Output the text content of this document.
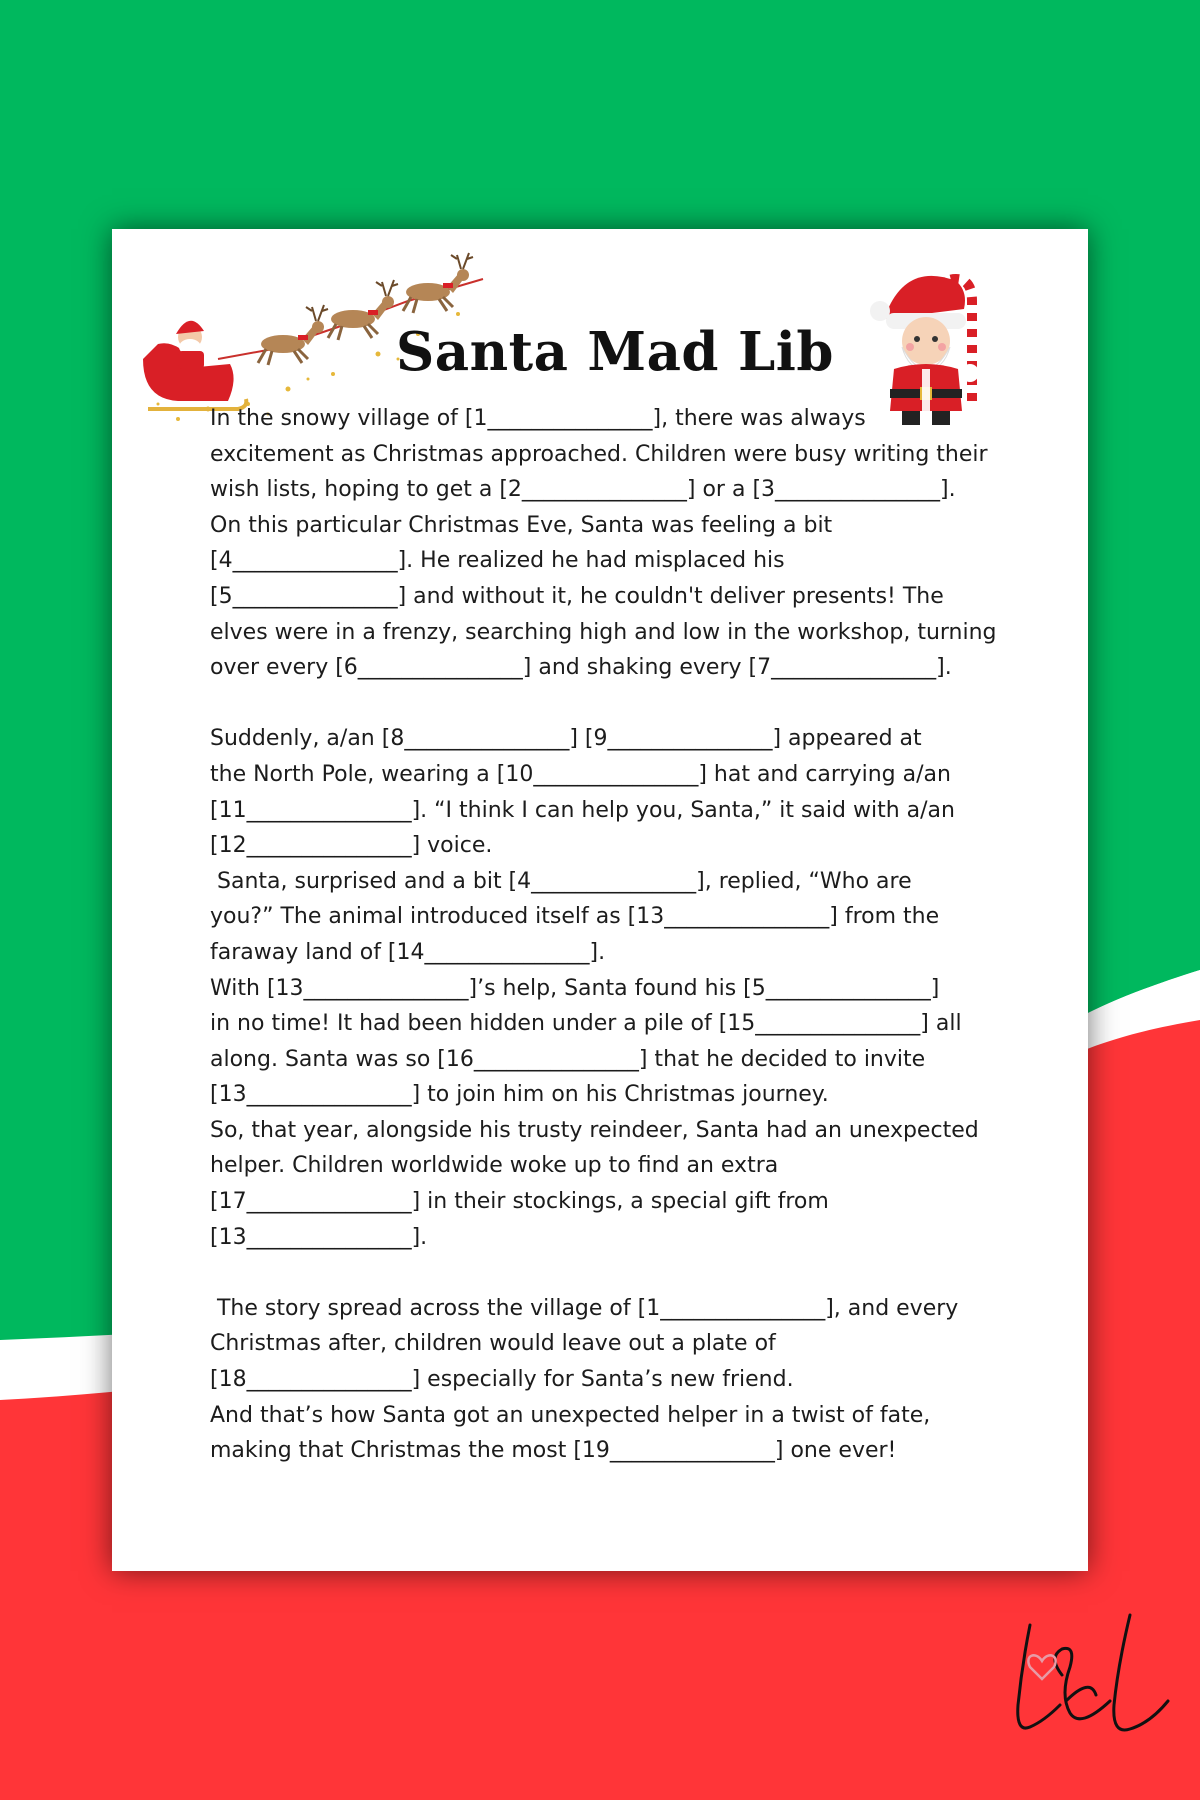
Santa Mad Lib
In the snowy village of [1_______________], there was always
excitement as Christmas approached. Children were busy writing their
wish lists, hoping to get a [2_______________] or a [3_______________].
On this particular Christmas Eve, Santa was feeling a bit
[4_______________]. He realized he had misplaced his
[5_______________] and without it, he couldn't deliver presents! The
elves were in a frenzy, searching high and low in the workshop, turning
over every [6_______________] and shaking every [7_______________].
Suddenly, a/an [8_______________] [9_______________] appeared at
the North Pole, wearing a [10_______________] hat and carrying a/an
[11_______________]. “I think I can help you, Santa,” it said with a/an
[12_______________] voice.
Santa, surprised and a bit [4_______________], replied, “Who are
you?” The animal introduced itself as [13_______________] from the
faraway land of [14_______________].
With [13_______________]’s help, Santa found his [5_______________]
in no time! It had been hidden under a pile of [15_______________] all
along. Santa was so [16_______________] that he decided to invite
[13_______________] to join him on his Christmas journey.
So, that year, alongside his trusty reindeer, Santa had an unexpected
helper. Children worldwide woke up to find an extra
[17_______________] in their stockings, a special gift from
[13_______________].
The story spread across the village of [1_______________], and every
Christmas after, children would leave out a plate of
[18_______________] especially for Santa’s new friend.
And that’s how Santa got an unexpected helper in a twist of fate,
making that Christmas the most [19_______________] one ever!
